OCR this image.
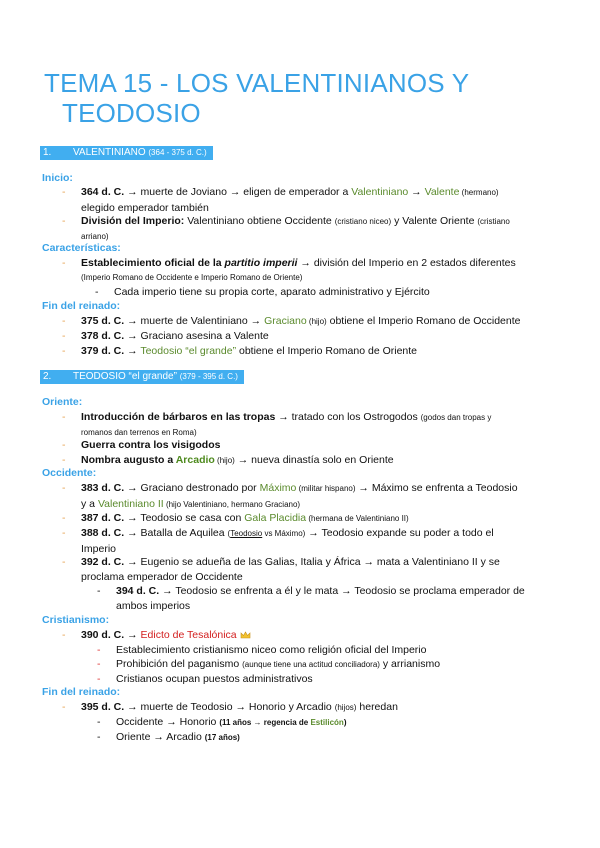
TEMA 15 - LOS VALENTINIANOS Y
TEODOSIO
1. VALENTINIANO (364 - 375 d. C.)
Inicio:
- 364 d. C. → muerte de Joviano → eligen de emperador a Valentiniano → Valente (hermano)
elegido emperador también
- División del Imperio: Valentiniano obtiene Occidente (cristiano niceo) y Valente Oriente (cristiano
arriano)
Características:
- Establecimiento oficial de la partitio imperii → división del Imperio en 2 estados diferentes
(Imperio Romano de Occidente e Imperio Romano de Oriente)
- Cada imperio tiene su propia corte, aparato administrativo y Ejército
Fin del reinado:
- 375 d. C. → muerte de Valentiniano → Graciano (hijo) obtiene el Imperio Romano de Occidente
- 378 d. C. → Graciano asesina a Valente
- 379 d. C. → Teodosio “el grande” obtiene el Imperio Romano de Oriente
2. TEODOSIO “el grande” (379 - 395 d. C.)
Oriente:
- Introducción de bárbaros en las tropas → tratado con los Ostrogodos (godos dan tropas y
romanos dan terrenos en Roma)
- Guerra contra los visigodos
- Nombra augusto a Arcadio (hijo) → nueva dinastía solo en Oriente
Occidente:
- 383 d. C. → Graciano destronado por Máximo (militar hispano) → Máximo se enfrenta a Teodosio
y a Valentiniano II (hijo Valentiniano, hermano Graciano)
- 387 d. C. → Teodosio se casa con Gala Placidia (hermana de Valentiniano II)
- 388 d. C. → Batalla de Aquilea (Teodosio vs Máximo) → Teodosio expande su poder a todo el
Imperio
- 392 d. C. → Eugenio se adueña de las Galias, Italia y África → mata a Valentiniano II y se
proclama emperador de Occidente
- 394 d. C. → Teodosio se enfrenta a él y le mata → Teodosio se proclama emperador de
ambos imperios
Cristianismo:
- 390 d. C. → Edicto de Tesalónica
- Establecimiento cristianismo niceo como religión oficial del Imperio
- Prohibición del paganismo (aunque tiene una actitud conciliadora) y arrianismo
- Cristianos ocupan puestos administrativos
Fin del reinado:
- 395 d. C. → muerte de Teodosio → Honorio y Arcadio (hijos) heredan
- Occidente → Honorio (11 años → regencia de Estilicón)
- Oriente → Arcadio (17 años)
